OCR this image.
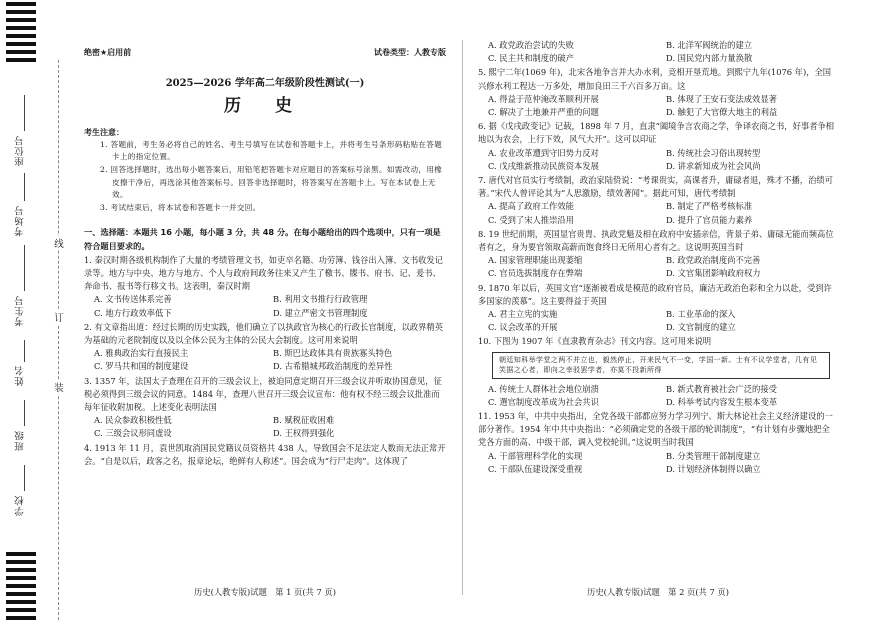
座位号
考场号
考生号
姓名
班级
学校
线
订
装
绝密★启用前	试卷类型：人教专版
2025—2026 学年高二年级阶段性测试(一)
历 史
考生注意：
1. 答题前，考生务必将自己的姓名、考生号填写在试卷和答题卡上，并将考生号条形码粘贴在答题卡上的指定位置。
2. 回答选择题时，选出每小题答案后，用铅笔把答题卡对应题目的答案标号涂黑。如需改动，用橡皮擦干净后，再选涂其他答案标号。回答非选择题时，将答案写在答题卡上。写在本试卷上无效。
3. 考试结束后，将本试卷和答题卡一并交回。
一、选择题：本题共 16 小题，每小题 3 分，共 48 分。在每小题给出的四个选项中，只有一项是符合题目要求的。
1. 秦汉时期各级机构制作了大量的考绩管理文书，如吏卒名籍、功劳簿、钱谷出入簿、文书收发记录等。地方与中央、地方与地方、个人与政府间政务往来又产生了檄书、牒书、府书、记、爰书、奔命书、报书等行移文书。这表明，秦汉时期
A. 文书传送体系完善	B. 利用文书推行行政管理
C. 地方行政效率低下	D. 建立严密文书管理制度
2. 有文章指出道：经过长期的历史实践，他们确立了以执政官为核心的行政长官制度，以政界精英为基础的元老院制度以及以全体公民为主体的公民大会制度。这可用来说明
A. 雅典政治实行直接民主	B. 斯巴达政体具有贵族寡头特色
C. 罗马共和国的制度建设	D. 古希腊城邦政治制度的差异性
3. 1357 年，法国太子查理在召开的三级会议上，被迫同意定期召开三级会议并听取协国意见，征税必须得到三级会议的同意。1484 年，查理八世召开三级会议宣布：他有权不经三级会议批准而每年征收附加税。上述变化表明法国
A. 民众参政积极性低	B. 赋税征收困难
C. 三级会议形同虚设	D. 王权得到强化
4. 1913 年 11 月，袁世凯取消国民党籍议员资格共 438 人，导致国会不足法定人数而无法正常开会。“自是以后，政客之名，报章论坛，绝鲜有人称述”。国会成为“行尸走肉”。这体现了
A. 政党政治尝试的失败	B. 北洋军阀统治的建立
C. 民主共和制度的破产	D. 国民党内部力量涣散
5. 熙宁二年(1069 年)，北宋各地争言并大办水利，竞相开垦荒地。到熙宁九年(1076 年)，全国兴修水利工程达一万多处，增加良田三千六百多万亩。这
A. 得益于范仲淹改革顺利开展	B. 体现了王安石变法成效显著
C. 解决了土地兼并严重的问题	D. 触犯了大官僚大地主的利益
6. 据《戊戌政变记》记载，1898 年 7 月，直隶“阖境争言农商之学，争译农商之书，好事者争相地以为农会，上行下效，风气大开”。这可以印证
A. 农业改革遭到守旧势力反对	B. 传统社会习俗出现转型
C. 戊戌维新推动民族资本发展	D. 讲求新知成为社会风尚
7. 唐代对官员实行考绩制，政治家陆贽说：“考课贵实，高课者升，庸碌者退，殊才不播，治绩可著。”宋代人曾评论其为“人思激励，绩效著闻”。据此可知，唐代考绩制
A. 提高了政府工作效能	B. 制定了严格考核标准
C. 受到了宋人推崇沿用	D. 提升了官员能力素养
8. 19 世纪前期，英国显官贵胄、执政党魁及相在政府中安插亲信，背景子弟、庸碌无能而频高位者有之，身为要官领取高薪而饱食终日无所用心者有之。这说明英国当时
A. 国家管理职能出现萎缩	B. 政党政治制度尚不完善
C. 官员选拔制度存在弊端	D. 文官集团影响政府权力
9. 1870 年以后，英国文官“逐渐被看成是模范的政府官员，廉洁无政治色彩和全力以赴，受到许多国家的羡慕”。这主要得益于英国
A. 君主立宪的实施	B. 工业革命的深入
C. 议会改革的开展	D. 文官制度的建立
10. 下图为 1907 年《直隶教育杂志》刊文内容。这可用来说明
朝廷知科举学堂之两不并立也，毅然停止，开来民气不一变，学国一新。士有不议学堂者，几有见笑据之心者，即向之幸驳罢学者，亦莫不投新所得
A. 传统士人群体社会地位崩溃	B. 新式教育被社会广泛的接受
C. 選官制度改革成为社会共识	D. 科举考试内容发生根本变革
11. 1953 年，中共中央指出，全党各级干部都应努力学习列宁、斯大林论社会主义经济建设的一部分著作。1954 年中共中央指出：“必须确定党的各级干部的轮训制度”，“有计划有步骤地把全党各方面的高、中级干部，调入党校轮训。”这说明当时我国
A. 干部管理科学化的实现	B. 分类管理干部制度建立
C. 干部队伍建设深受重视	D. 计划经济体制得以确立
历史(人教专版)试题　第 1 页(共 7 页)	历史(人教专版)试题　第 2 页(共 7 页)
